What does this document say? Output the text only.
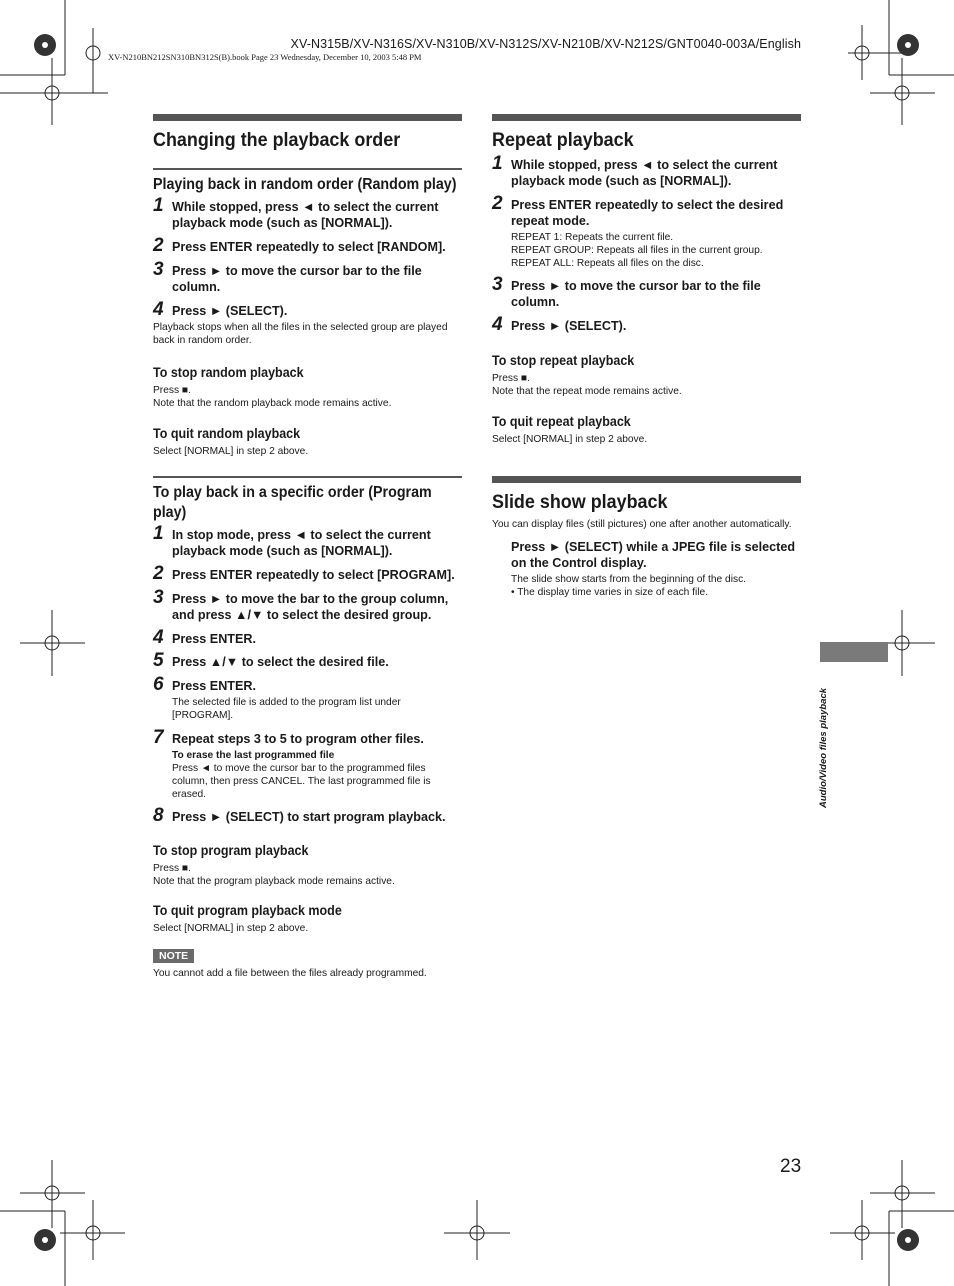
XV-N315B/XV-N316S/XV-N310B/XV-N312S/XV-N210B/XV-N212S/GNT0040-003A/English
XV-N210BN212SN310BN312S(B).book Page 23 Wednesday, December 10, 2003 5:48 PM
Changing the playback order
Playing back in random order (Random play)
1 While stopped, press ◄ to select the current playback mode (such as [NORMAL]).
2 Press ENTER repeatedly to select [RANDOM].
3 Press ► to move the cursor bar to the file column.
4 Press ► (SELECT).
Playback stops when all the files in the selected group are played back in random order.
To stop random playback
Press ■.
Note that the random playback mode remains active.
To quit random playback
Select [NORMAL] in step 2 above.
To play back in a specific order (Program play)
1 In stop mode, press ◄ to select the current playback mode (such as [NORMAL]).
2 Press ENTER repeatedly to select [PROGRAM].
3 Press ► to move the bar to the group column, and press ▲/▼ to select the desired group.
4 Press ENTER.
5 Press ▲/▼ to select the desired file.
6 Press ENTER.
The selected file is added to the program list under [PROGRAM].
7 Repeat steps 3 to 5 to program other files.
To erase the last programmed file
Press ◄ to move the cursor bar to the programmed files column, then press CANCEL. The last programmed file is erased.
8 Press ► (SELECT) to start program playback.
To stop program playback
Press ■.
Note that the program playback mode remains active.
To quit program playback mode
Select [NORMAL] in step 2 above.
NOTE
You cannot add a file between the files already programmed.
Repeat playback
1 While stopped, press ◄ to select the current playback mode (such as [NORMAL]).
2 Press ENTER repeatedly to select the desired repeat mode.
REPEAT 1: Repeats the current file.
REPEAT GROUP: Repeats all files in the current group.
REPEAT ALL: Repeats all files on the disc.
3 Press ► to move the cursor bar to the file column.
4 Press ► (SELECT).
To stop repeat playback
Press ■.
Note that the repeat mode remains active.
To quit repeat playback
Select [NORMAL] in step 2 above.
Slide show playback
You can display files (still pictures) one after another automatically.
Press ► (SELECT) while a JPEG file is selected on the Control display.
The slide show starts from the beginning of the disc.
• The display time varies in size of each file.
Audio/Video files playback
23
